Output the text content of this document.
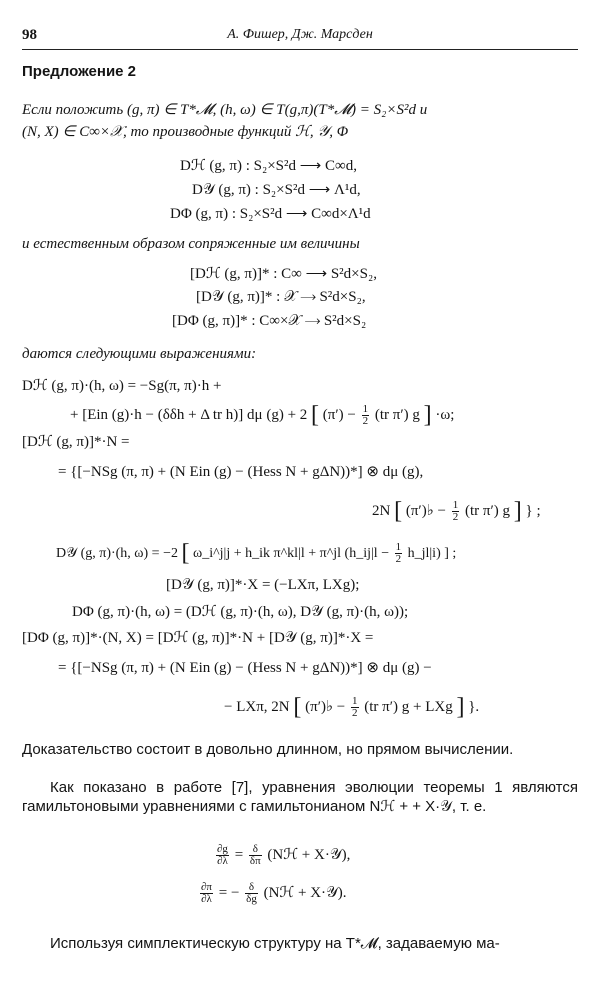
98	А. Фишер, Дж. Марсден
Предложение 2
Если положить (g, π) ∈ T*𝓜, (h, ω) ∈ T(g,π)(T*𝓜) = S₂×S²d и
(N, X) ∈ C∞×𝒳, то производные функций ℋ, 𝒴, Φ
Dℋ (g, π) : S₂×S²d ⟶ C∞d,
D𝒴 (g, π) : S₂×S²d ⟶ Λ¹d,
DΦ (g, π) : S₂×S²d ⟶ C∞d×Λ¹d
и естественным образом сопряженные им величины
[Dℋ (g, π)]* : C∞ ⟶ S²d×S₂,
[D𝒴 (g, π)]* : 𝒳 ⟶ S²d×S₂,
[DΦ (g, π)]* : C∞×𝒳 ⟶ S²d×S₂
даются следующими выражениями:
Dℋ (g, π)·(h, ω) = −Sg(π, π)·h +
+ [Ein (g)·h − (δδh + Δ tr h)] dμ (g) + 2 [ $(\pi') - \frac{1}{2} (tr$ π′) g ] ·ω;
[Dℋ (g, π)]*·N =
= {[−NSg (π, π) + (N Ein (g) − (Hess N + gΔN))*] ⊗ dμ (g),
2N [ (π′)♭ − $\frac{1}{2} (tr$ π′) g ] } ;
D𝒴 (g, π)·(h, ω) = −2 [ ω_i^j|j + h_ik π^kl|l + π^jl (h_ij|l − $\frac{1}{2}$ h_jl|i) ] ;
[D𝒴 (g, π)]*·X = (−LXπ, LXg);
DΦ (g, π)·(h, ω) = (Dℋ (g, π)·(h, ω), D𝒴 (g, π)·(h, ω));
[DΦ (g, π)]*·(N, X) = [Dℋ (g, π)]*·N + [D𝒴 (g, π)]*·X =
= {[−NSg (π, π) + (N Ein (g) − (Hess N + gΔN))*] ⊗ dμ (g) −
− LXπ, 2N [ (π′)♭ − $\frac{1}{2} (tr$ π′) g + LXg ] }.
Доказательство состоит в довольно длинном, но прямом вычислении.
Как показано в работе [7], уравнения эволюции теоремы 1 являются гамильтоновыми уравнениями с гамильтонианом Nℋ + + X·𝒴, т. е.
$\frac{\partial g}{\partial\lambda} = \frac{\delta}{\delta\pi}$ (Nℋ + X·𝒴),
$\frac{\partial\pi}{\partial\lambda}$ = − $\frac{\delta}{\delta g}$ (Nℋ + X·𝒴).
Используя симплектическую структуру на T*𝓜, задаваемую ма-
